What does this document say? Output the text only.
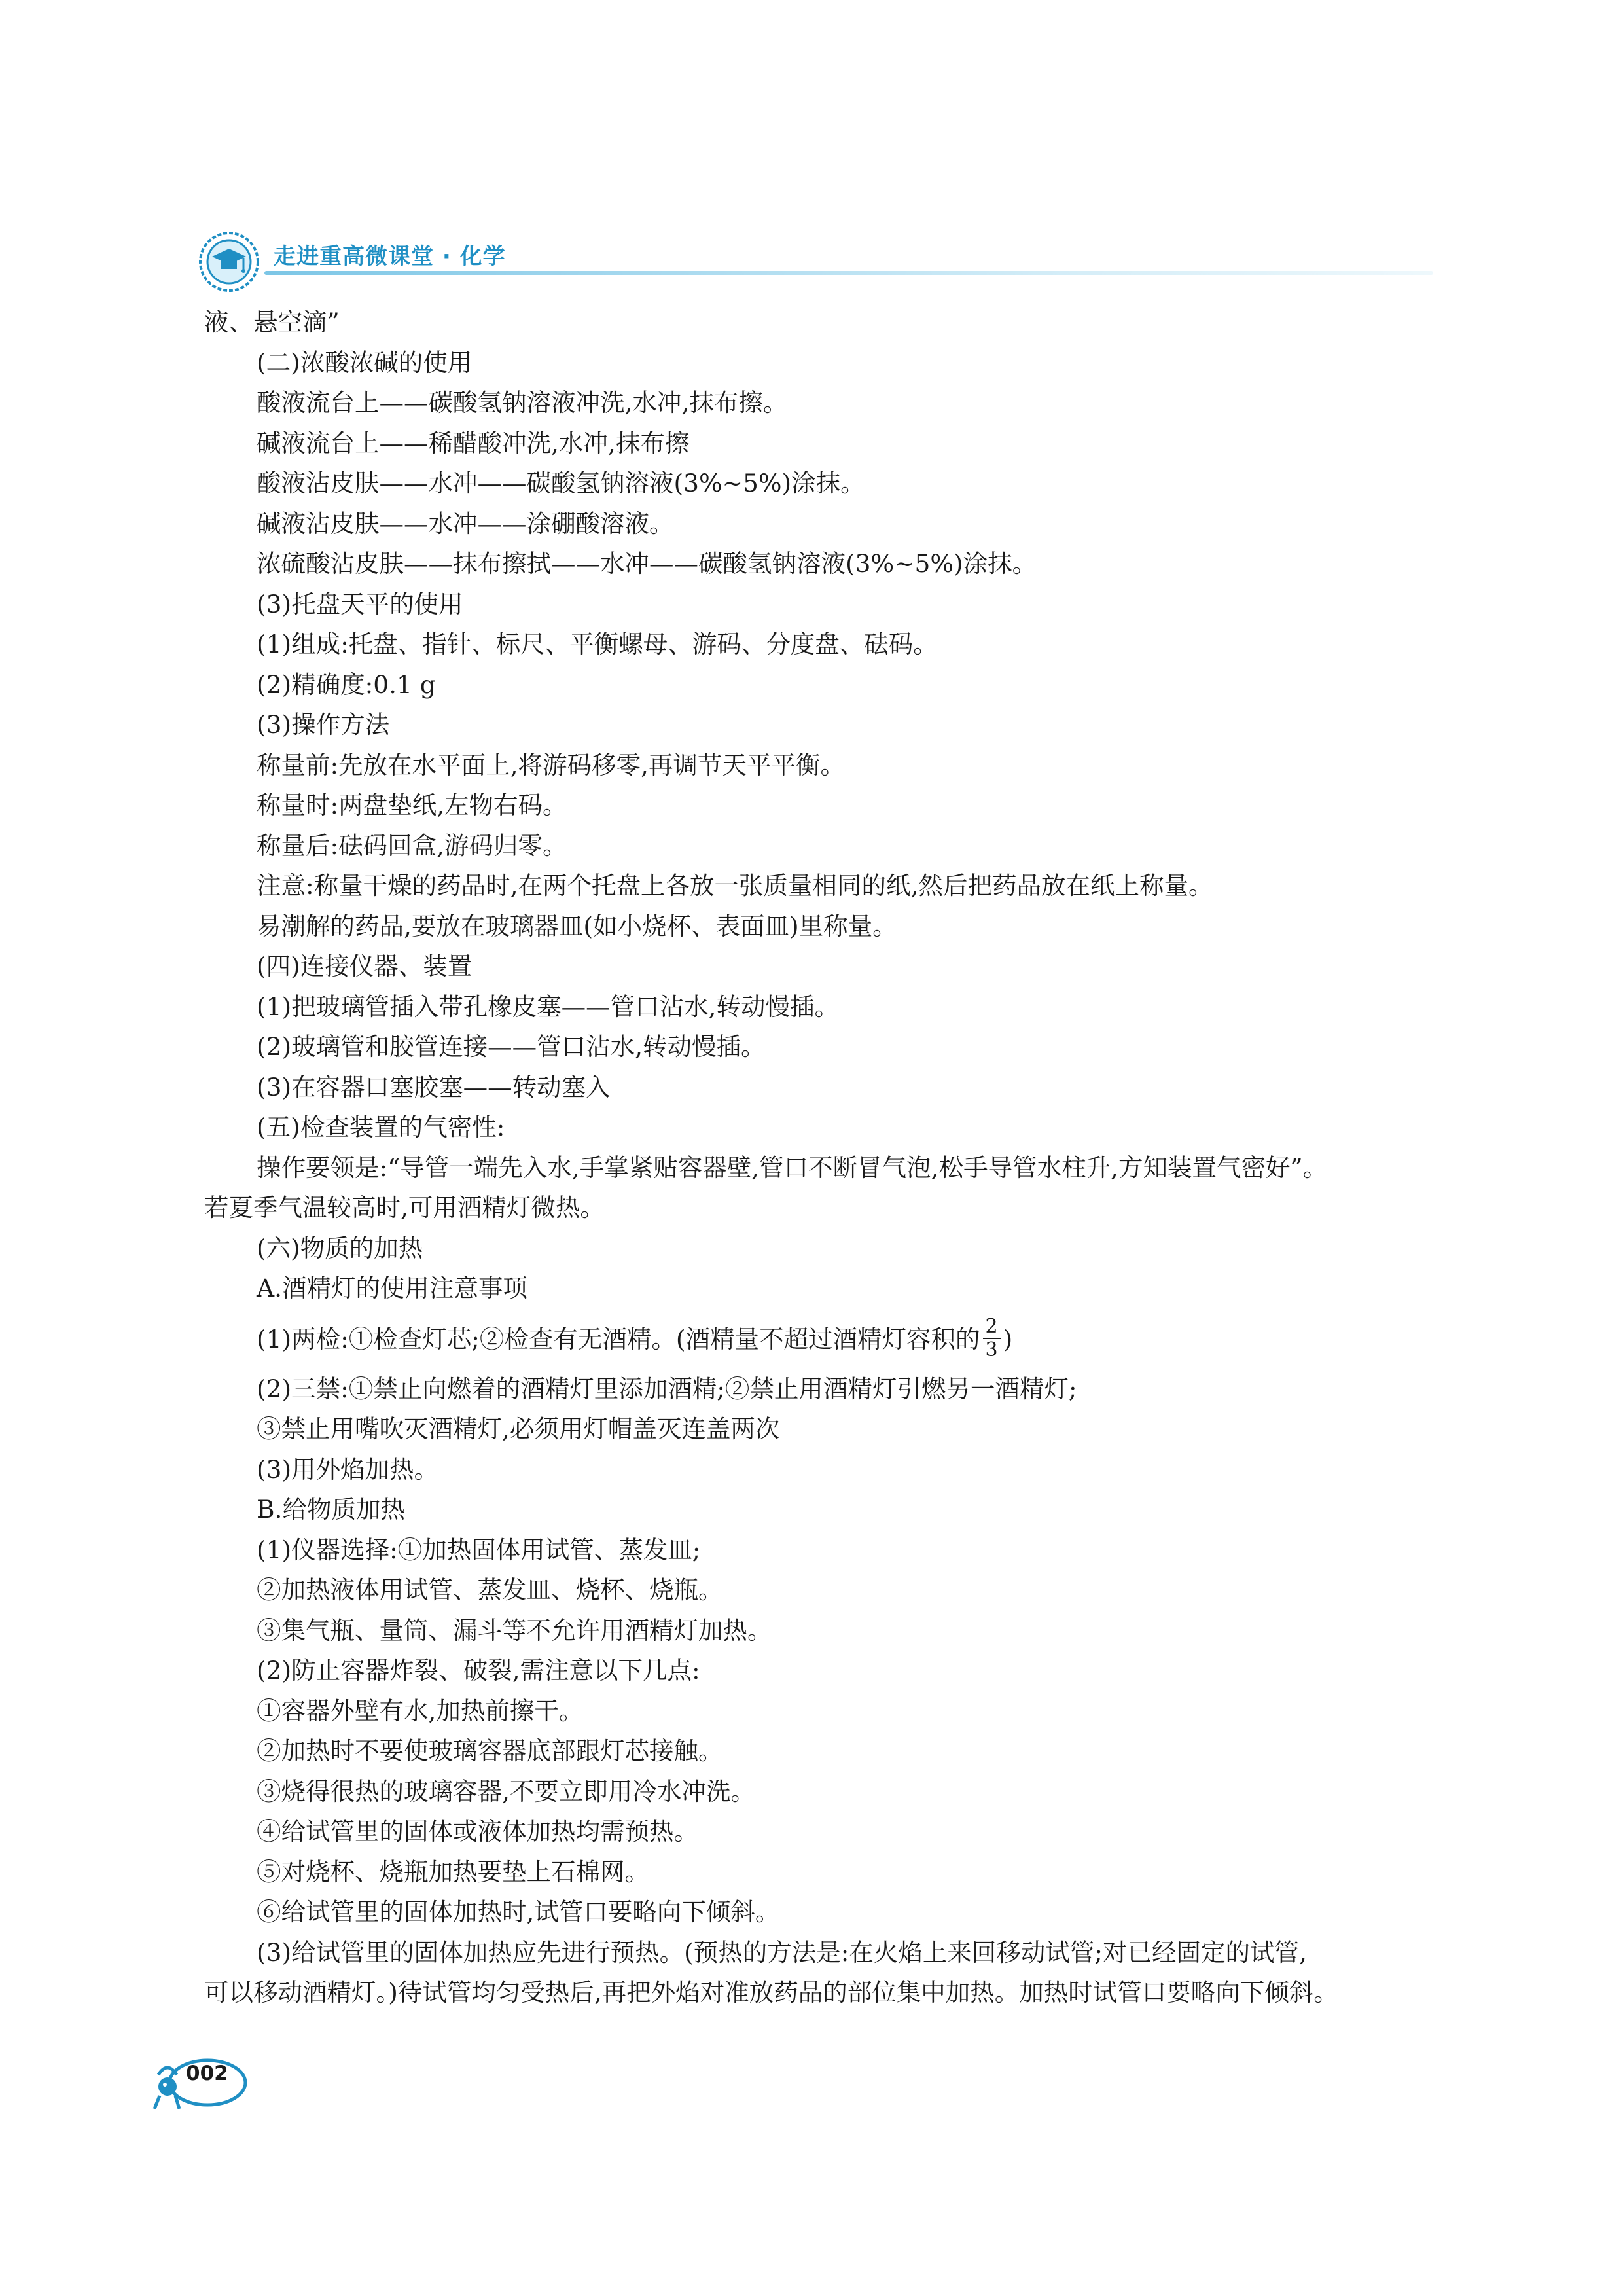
走进重高微课堂 · 化学
液、悬空滴”
(二)浓酸浓碱的使用
酸液流台上——碳酸氢钠溶液冲洗,水冲,抹布擦。
碱液流台上——稀醋酸冲洗,水冲,抹布擦
酸液沾皮肤——水冲——碳酸氢钠溶液(3%~5%)涂抹。
碱液沾皮肤——水冲——涂硼酸溶液。
浓硫酸沾皮肤——抹布擦拭——水冲——碳酸氢钠溶液(3%~5%)涂抹。
(3)托盘天平的使用
(1)组成:托盘、指针、标尺、平衡螺母、游码、分度盘、砝码。
(2)精确度:0.1 g
(3)操作方法
称量前:先放在水平面上,将游码移零,再调节天平平衡。
称量时:两盘垫纸,左物右码。
称量后:砝码回盒,游码归零。
注意:称量干燥的药品时,在两个托盘上各放一张质量相同的纸,然后把药品放在纸上称量。
易潮解的药品,要放在玻璃器皿(如小烧杯、表面皿)里称量。
(四)连接仪器、装置
(1)把玻璃管插入带孔橡皮塞——管口沾水,转动慢插。
(2)玻璃管和胶管连接——管口沾水,转动慢插。
(3)在容器口塞胶塞——转动塞入
(五)检查装置的气密性:
操作要领是:“导管一端先入水,手掌紧贴容器壁,管口不断冒气泡,松手导管水柱升,方知装置气密好”。
若夏季气温较高时,可用酒精灯微热。
(六)物质的加热
A.酒精灯的使用注意事项
(1)两检:①检查灯芯;②检查有无酒精。(酒精量不超过酒精灯容积的 $\frac{2}{3}$ )
(2)三禁:①禁止向燃着的酒精灯里添加酒精;②禁止用酒精灯引燃另一酒精灯;
③禁止用嘴吹灭酒精灯,必须用灯帽盖灭连盖两次
(3)用外焰加热。
B.给物质加热
(1)仪器选择:①加热固体用试管、蒸发皿;
②加热液体用试管、蒸发皿、烧杯、烧瓶。
③集气瓶、量筒、漏斗等不允许用酒精灯加热。
(2)防止容器炸裂、破裂,需注意以下几点:
①容器外壁有水,加热前擦干。
②加热时不要使玻璃容器底部跟灯芯接触。
③烧得很热的玻璃容器,不要立即用冷水冲洗。
④给试管里的固体或液体加热均需预热。
⑤对烧杯、烧瓶加热要垫上石棉网。
⑥给试管里的固体加热时,试管口要略向下倾斜。
(3)给试管里的固体加热应先进行预热。(预热的方法是:在火焰上来回移动试管;对已经固定的试管,
可以移动酒精灯。)待试管均匀受热后,再把外焰对准放药品的部位集中加热。加热时试管口要略向下倾斜。
002
